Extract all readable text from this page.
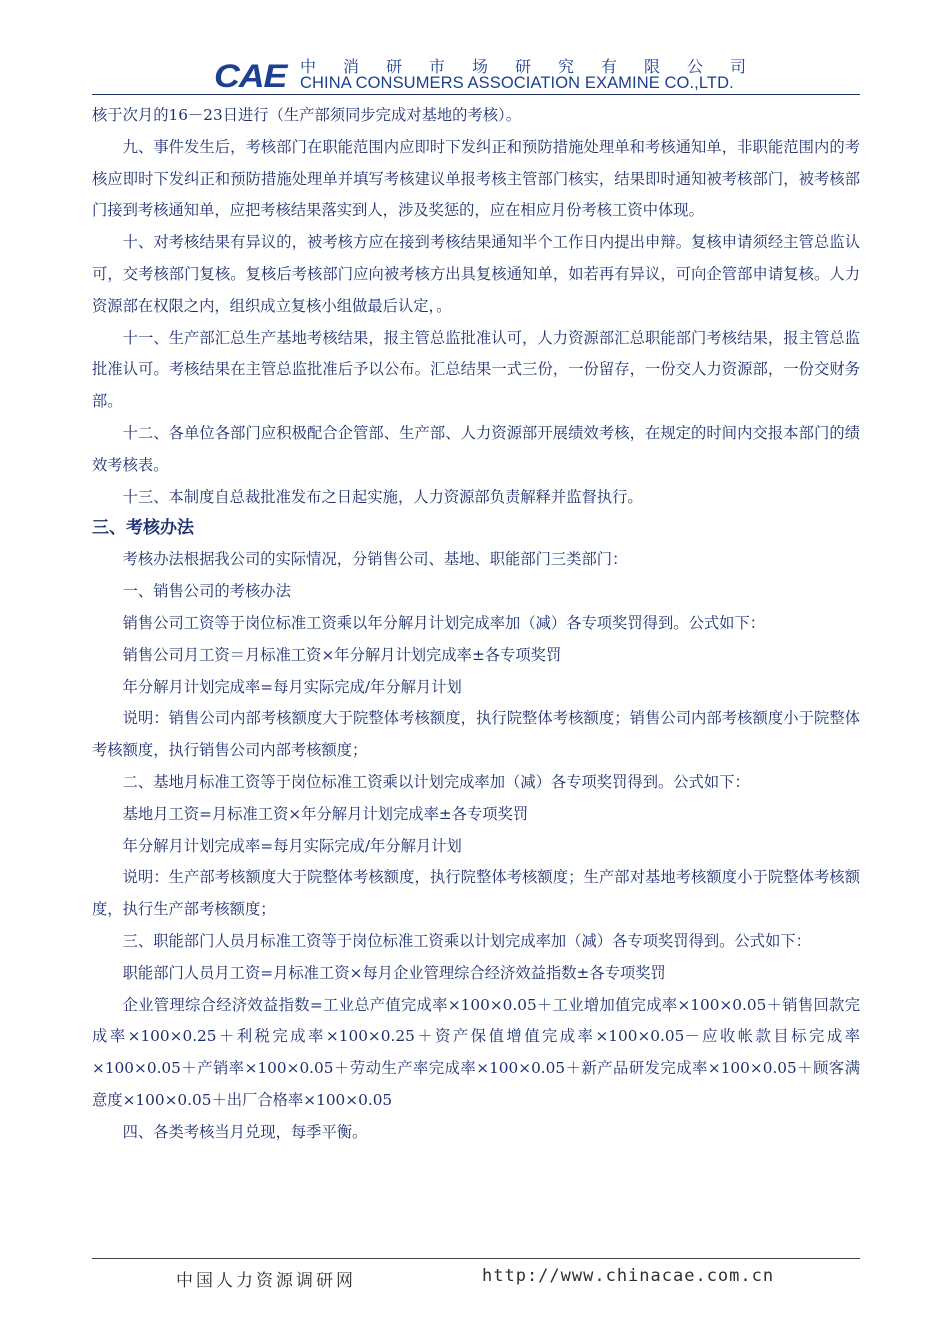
CAE 中消研市场研究有限公司
CHINA CONSUMERS ASSOCIATION EXAMINE CO.,LTD.

核于次月的16－23日进行（生产部须同步完成对基地的考核）。

九、事件发生后，考核部门在职能范围内应即时下发纠正和预防措施处理单和考核通知单，非职能范围内的考核应即时下发纠正和预防措施处理单并填写考核建议单报考核主管部门核实，结果即时通知被考核部门，被考核部门接到考核通知单，应把考核结果落实到人，涉及奖惩的，应在相应月份考核工资中体现。

十、对考核结果有异议的，被考核方应在接到考核结果通知半个工作日内提出申辩。复核申请须经主管总监认可，交考核部门复核。复核后考核部门应向被考核方出具复核通知单，如若再有异议，可向企管部申请复核。人力资源部在权限之内，组织成立复核小组做最后认定，。

十一、生产部汇总生产基地考核结果，报主管总监批准认可，人力资源部汇总职能部门考核结果，报主管总监批准认可。考核结果在主管总监批准后予以公布。汇总结果一式三份，一份留存，一份交人力资源部，一份交财务部。

十二、各单位各部门应积极配合企管部、生产部、人力资源部开展绩效考核，在规定的时间内交报本部门的绩效考核表。

十三、本制度自总裁批准发布之日起实施，人力资源部负责解释并监督执行。

三、考核办法

考核办法根据我公司的实际情况，分销售公司、基地、职能部门三类部门：

一、销售公司的考核办法

销售公司工资等于岗位标准工资乘以年分解月计划完成率加（减）各专项奖罚得到。公式如下：

销售公司月工资＝月标准工资×年分解月计划完成率±各专项奖罚

年分解月计划完成率=每月实际完成/年分解月计划

说明：销售公司内部考核额度大于院整体考核额度，执行院整体考核额度；销售公司内部考核额度小于院整体考核额度，执行销售公司内部考核额度；

二、基地月标准工资等于岗位标准工资乘以计划完成率加（减）各专项奖罚得到。公式如下：

基地月工资=月标准工资×年分解月计划完成率±各专项奖罚

年分解月计划完成率=每月实际完成/年分解月计划

说明：生产部考核额度大于院整体考核额度，执行院整体考核额度；生产部对基地考核额度小于院整体考核额度，执行生产部考核额度；

三、职能部门人员月标准工资等于岗位标准工资乘以计划完成率加（减）各专项奖罚得到。公式如下：

职能部门人员月工资=月标准工资×每月企业管理综合经济效益指数±各专项奖罚

企业管理综合经济效益指数=工业总产值完成率×100×0.05＋工业增加值完成率×100×0.05＋销售回款完成率×100×0.25＋利税完成率×100×0.25＋资产保值增值完成率×100×0.05－应收帐款目标完成率×100×0.05＋产销率×100×0.05＋劳动生产率完成率×100×0.05＋新产品研发完成率×100×0.05＋顾客满意度×100×0.05＋出厂合格率×100×0.05

四、各类考核当月兑现，每季平衡。

中国人力资源调研网	http://www.chinacae.com.cn
